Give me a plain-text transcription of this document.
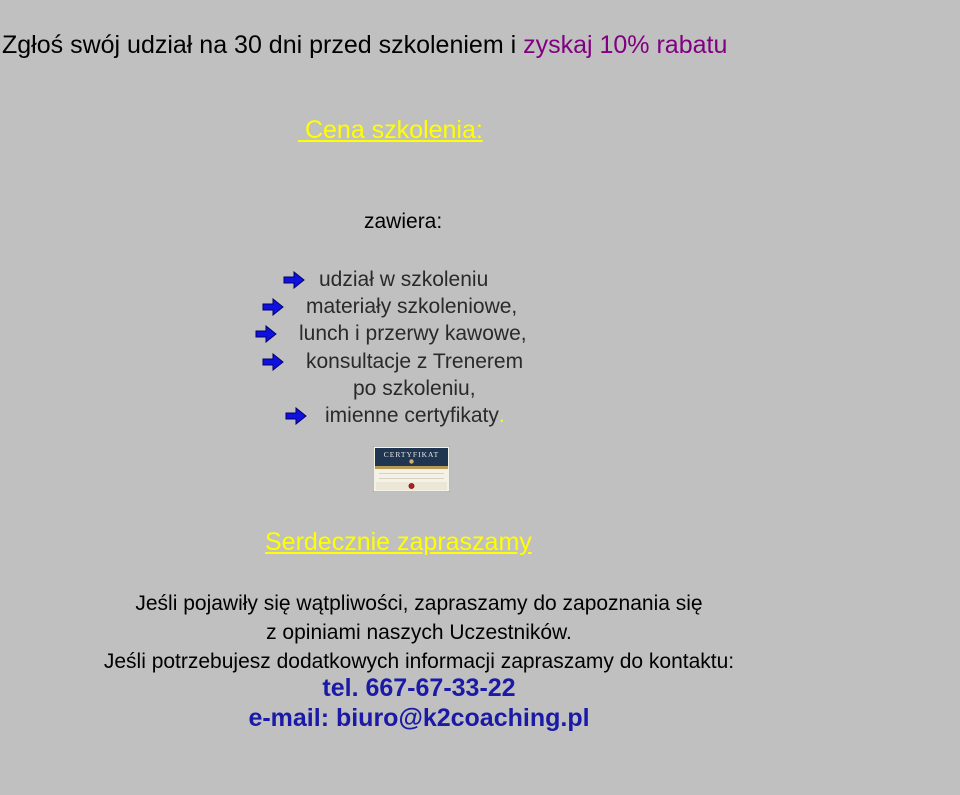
Zgłoś swój udział na 30 dni przed szkoleniem i zyskaj 10% rabatu
Cena szkolenia:
zawiera:
udział w szkoleniu
materiały szkoleniowe,
lunch i przerwy kawowe,
konsultacje z Trenerem
po szkoleniu,
imienne certyfikaty .
CERTYFIKAT
Serdecznie zapraszamy
Jeśli pojawiły się wątpliwości, zapraszamy do zapoznania się
z opiniami naszych Uczestników.
Jeśli potrzebujesz dodatkowych informacji zapraszamy do kontaktu:
tel. 667-67-33-22
e-mail: biuro@k2coaching.pl
